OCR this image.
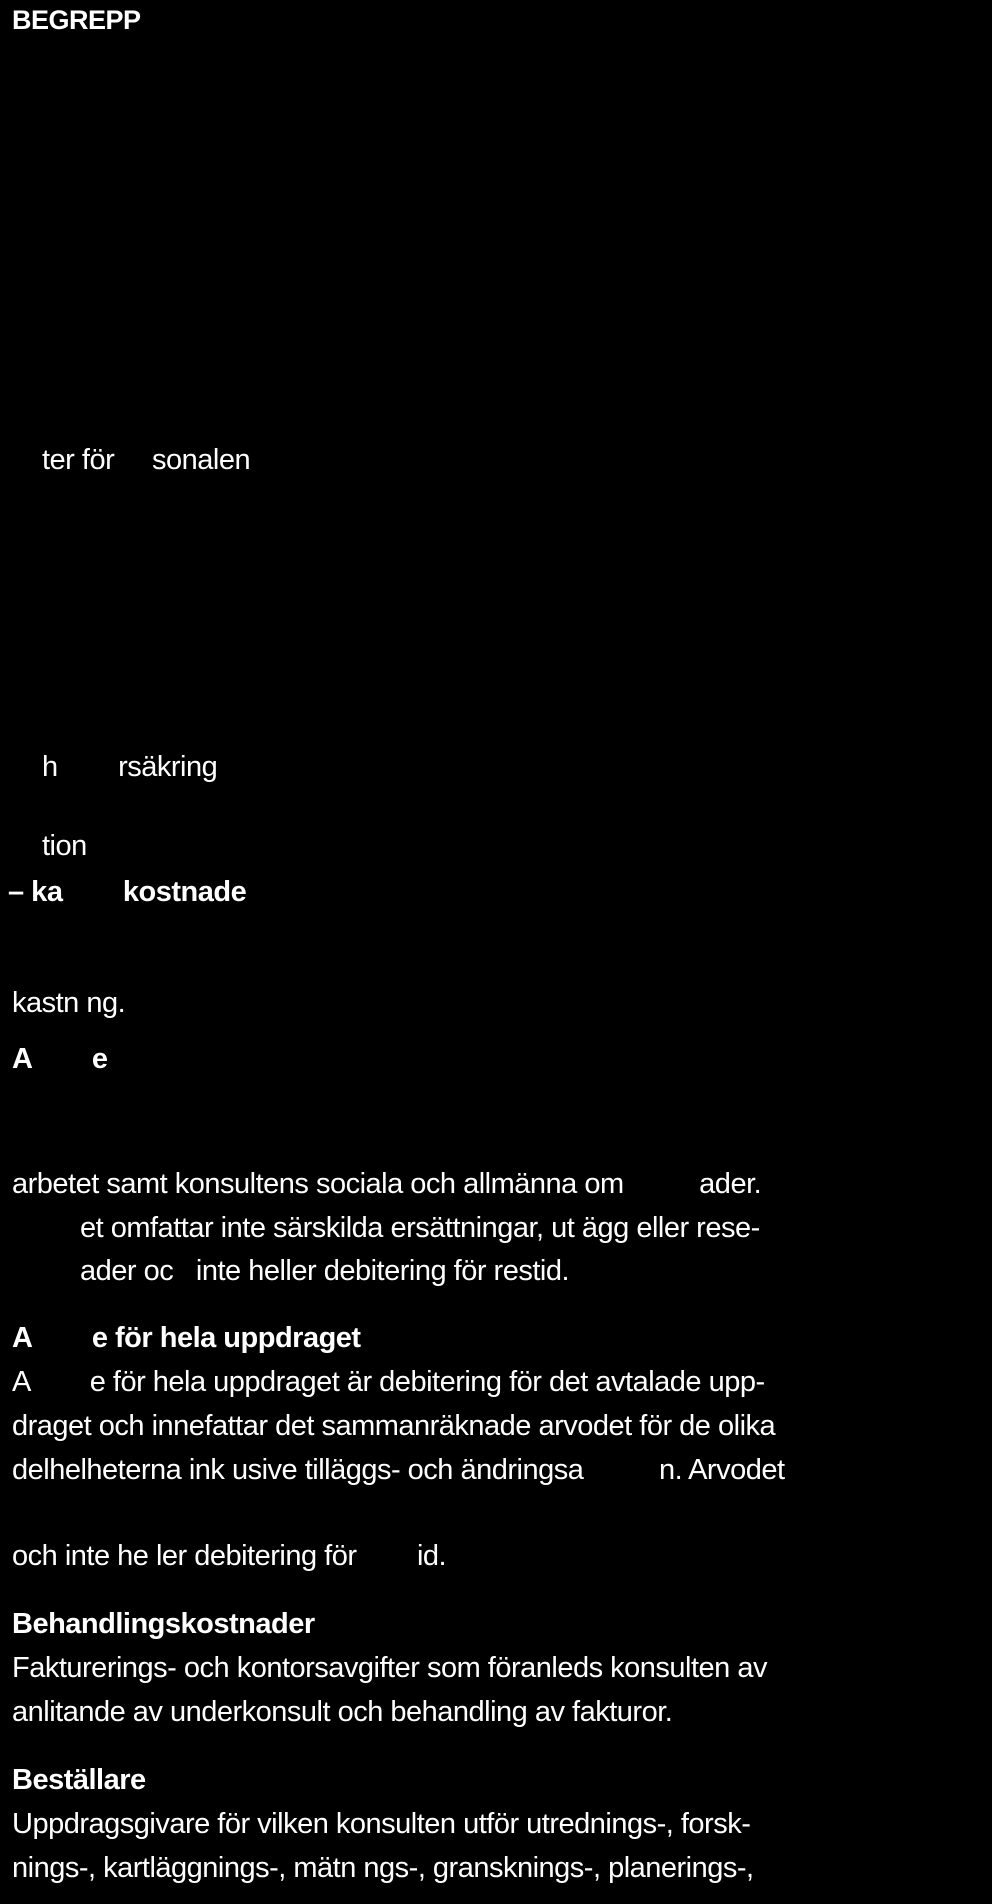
BEGREPP
ter för     sonalen
h        rsäkring
tion
– ka        kostnade
kastn ng.
A        e
arbetet samt konsultens sociala och allmänna om          ader.
et omfattar inte särskilda ersättningar, ut ägg eller rese-
ader oc   inte heller debitering för restid.
A        e för hela uppdraget
A        e för hela uppdraget är debitering för det avtalade upp-
draget och innefattar det sammanräknade arvodet för de olika
delhelheterna ink usive tilläggs- och ändringsa          n. Arvodet
och inte he ler debitering för        id.
Behandlingskostnader
Fakturerings- och kontorsavgifter som föranleds konsulten av
anlitande av underkonsult och behandling av fakturor.
Beställare
Uppdragsgivare för vilken konsulten utför utrednings-, forsk-
nings-, kartläggnings-, mätn ngs-, gransknings-, planerings-,
